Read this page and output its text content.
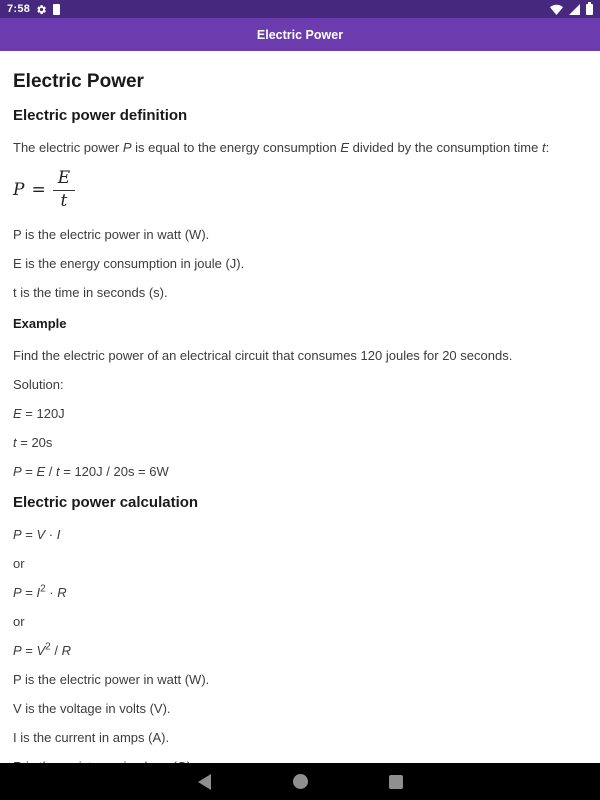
7:58
Electric Power
Electric Power
Electric power definition

The electric power P is equal to the energy consumption E divided by the consumption time t:

$P = \frac{E}{t}$

P is the electric power in watt (W).

E is the energy consumption in joule (J).

t is the time in seconds (s).

Example

Find the electric power of an electrical circuit that consumes 120 joules for 20 seconds.

Solution:

E = 120J

t = 20s

P = E / t = 120J / 20s = 6W

Electric power calculation

P = V · I

or

$P = I^2 \cdot R$

or

$P = V^2 / R$

P is the electric power in watt (W).

V is the voltage in volts (V).

I is the current in amps (A).
